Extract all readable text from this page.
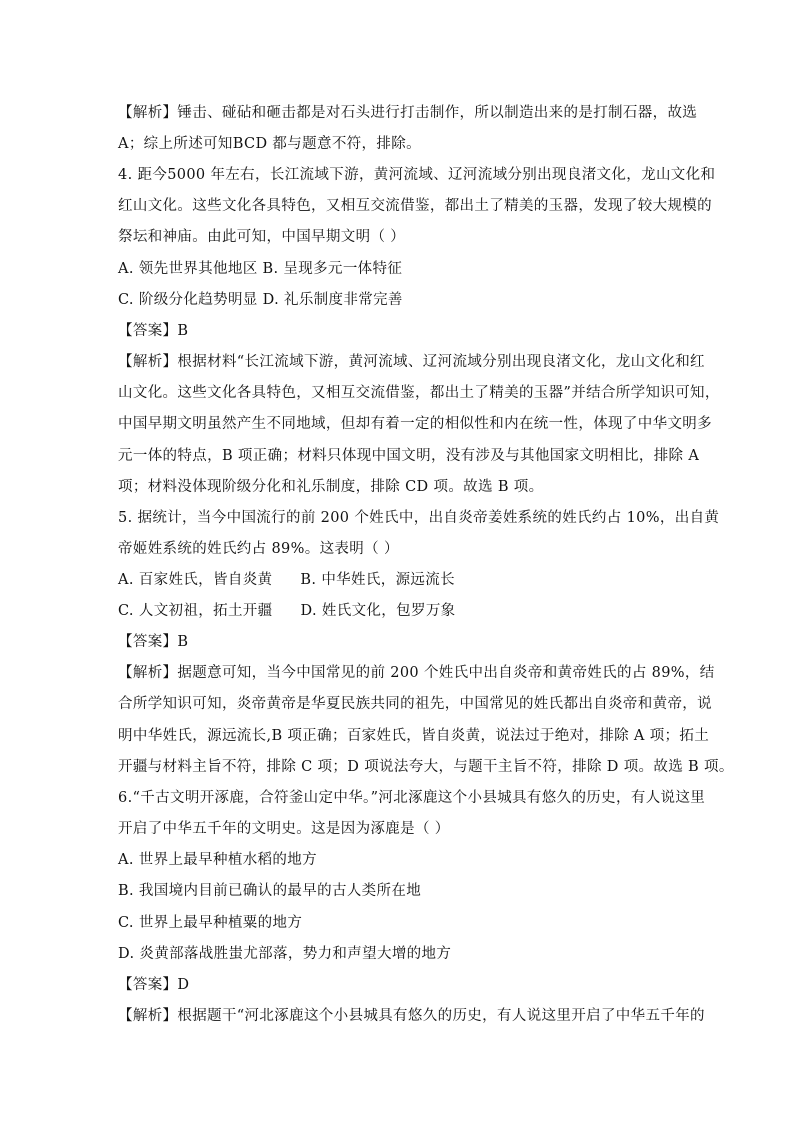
【解析】锤击、碰砧和砸击都是对石头进行打击制作，所以制造出来的是打制石器，故选
A；综上所述可知BCD 都与题意不符，排除。
4. 距今5000 年左右，长江流域下游，黄河流域、辽河流域分别出现良渚文化，龙山文化和
红山文化。这些文化各具特色，又相互交流借鉴，都出土了精美的玉器，发现了较大规模的
祭坛和神庙。由此可知，中国早期文明（ ）
A. 领先世界其他地区 B. 呈现多元一体特征
C. 阶级分化趋势明显 D. 礼乐制度非常完善
【答案】B
【解析】根据材料“长江流域下游，黄河流域、辽河流域分别出现良渚文化，龙山文化和红
山文化。这些文化各具特色，又相互交流借鉴，都出土了精美的玉器”并结合所学知识可知，
中国早期文明虽然产生不同地域，但却有着一定的相似性和内在统一性，体现了中华文明多
元一体的特点，B 项正确；材料只体现中国文明，没有涉及与其他国家文明相比，排除 A
项；材料没体现阶级分化和礼乐制度，排除 CD 项。故选 B 项。
5. 据统计，当今中国流行的前 200 个姓氏中，出自炎帝姜姓系统的姓氏约占 10%，出自黄
帝姬姓系统的姓氏约占 89%。这表明（ ）
A. 百家姓氏，皆自炎黄 B. 中华姓氏，源远流长
C. 人文初祖，拓土开疆 D. 姓氏文化，包罗万象
【答案】B
【解析】据题意可知，当今中国常见的前 200 个姓氏中出自炎帝和黄帝姓氏的占 89%，结
合所学知识可知，炎帝黄帝是华夏民族共同的祖先，中国常见的姓氏都出自炎帝和黄帝，说
明中华姓氏，源远流长,B 项正确；百家姓氏，皆自炎黄，说法过于绝对，排除 A 项；拓土
开疆与材料主旨不符，排除 C 项；D 项说法夸大，与题干主旨不符，排除 D 项。故选 B 项。
6.“千古文明开涿鹿，合符釜山定中华。”河北涿鹿这个小县城具有悠久的历史，有人说这里
开启了中华五千年的文明史。这是因为涿鹿是（ ）
A. 世界上最早种植水稻的地方
B. 我国境内目前已确认的最早的古人类所在地
C. 世界上最早种植粟的地方
D. 炎黄部落战胜蚩尤部落，势力和声望大增的地方
【答案】D
【解析】根据题干“河北涿鹿这个小县城具有悠久的历史，有人说这里开启了中华五千年的
